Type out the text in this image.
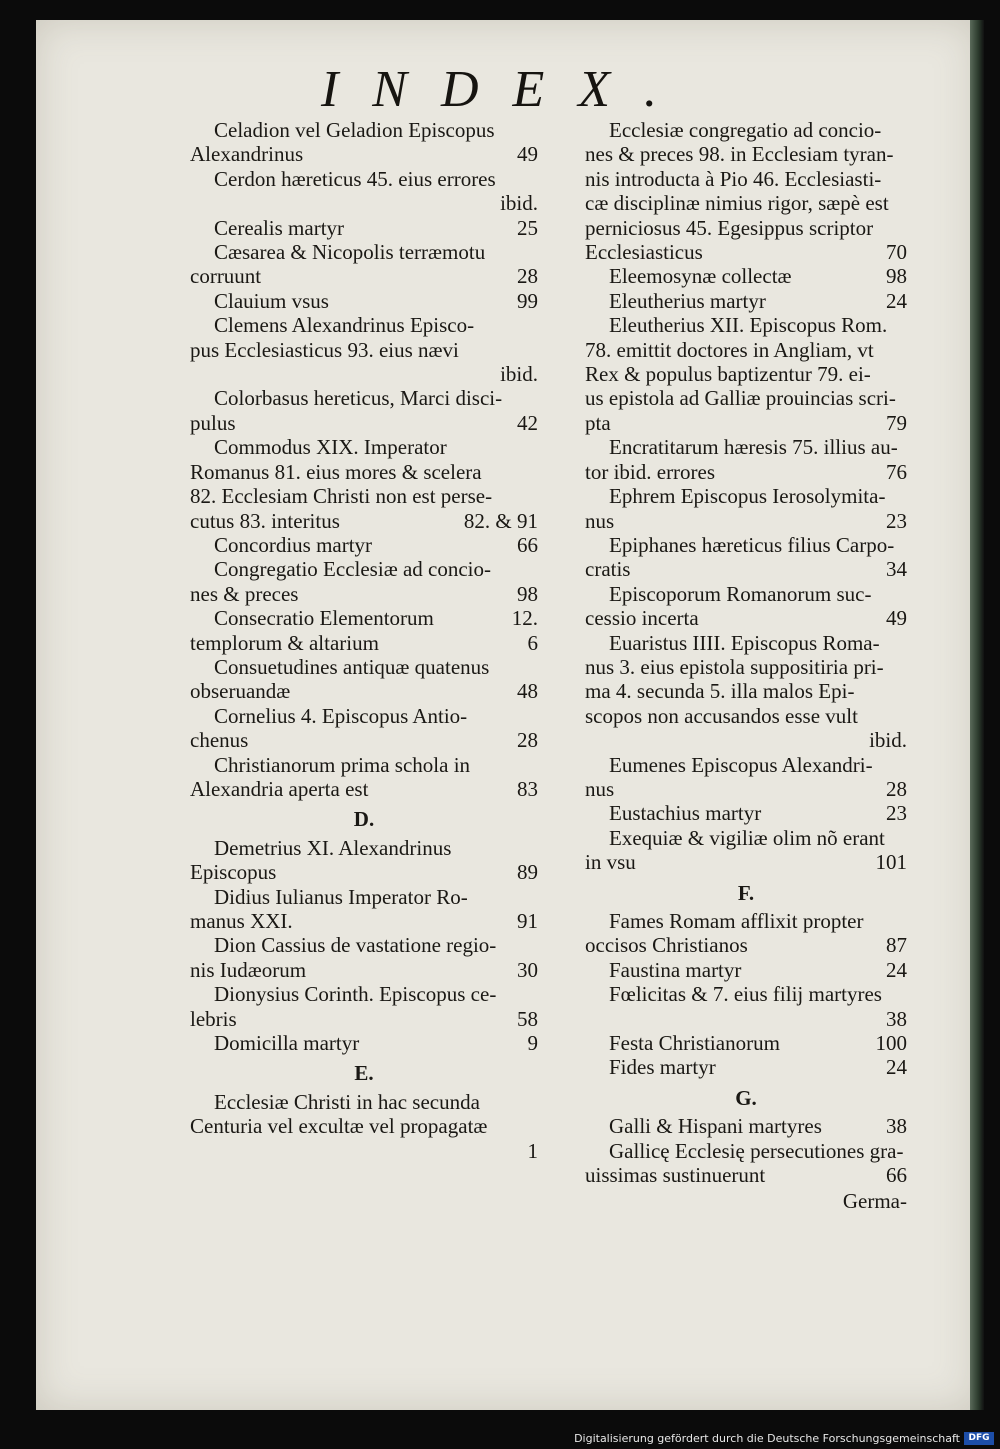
INDEX.
Celadion vel Geladion Episcopus
Alexandrinus	49
Cerdon hæreticus 45. eius errores
ibid.
Cerealis martyr	25
Cæsarea & Nicopolis terræmotu
corruunt	28
Clauium vsus	99
Clemens Alexandrinus Episco-
pus Ecclesiasticus 93. eius nævi
ibid.
Colorbasus hereticus, Marci disci-
pulus	42
Commodus XIX. Imperator
Romanus 81. eius mores & scelera
82. Ecclesiam Christi non est perse-
cutus 83. interitus	82. & 91
Concordius martyr	66
Congregatio Ecclesiæ ad concio-
nes & preces	98
Consecratio Elementorum	12.
templorum & altarium	6
Consuetudines antiquæ quatenus
obseruandæ	48
Cornelius 4. Episcopus Antio-
chenus	28
Christianorum prima schola in
Alexandria aperta est	83
D.
Demetrius XI. Alexandrinus
Episcopus	89
Didius Iulianus Imperator Ro-
manus XXI.	91
Dion Cassius de vastatione regio-
nis Iudæorum	30
Dionysius Corinth. Episcopus ce-
lebris	58
Domicilla martyr	9
E.
Ecclesiæ Christi in hac secunda
Centuria vel excultæ vel propagatæ
1
Ecclesiæ congregatio ad concio-
nes & preces 98. in Ecclesiam tyran-
nis introducta à Pio 46. Ecclesiasti-
cæ disciplinæ nimius rigor, sæpè est
perniciosus 45. Egesippus scriptor
Ecclesiasticus	70
Eleemosynæ collectæ	98
Eleutherius martyr	24
Eleutherius XII. Episcopus Rom.
78. emittit doctores in Angliam, vt
Rex & populus baptizentur 79. ei-
us epistola ad Galliæ prouincias scri-
pta	79
Encratitarum hæresis 75. illius au-
tor ibid. errores	76
Ephrem Episcopus Ierosolymita-
nus	23
Epiphanes hæreticus filius Carpo-
cratis	34
Episcoporum Romanorum suc-
cessio incerta	49
Euaristus IIII. Episcopus Roma-
nus 3. eius epistola suppositiria pri-
ma 4. secunda 5. illa malos Epi-
scopos non accusandos esse vult
ibid.
Eumenes Episcopus Alexandri-
nus	28
Eustachius martyr	23
Exequiæ & vigiliæ olim nõ erant
in vsu	101
F.
Fames Romam afflixit propter
occisos Christianos	87
Faustina martyr	24
Fœlicitas & 7. eius filij martyres
38
Festa Christianorum	100
Fides martyr	24
G.
Galli & Hispani martyres	38
Gallicę Ecclesię persecutiones gra-
uissimas sustinuerunt	66
Germa-
Digitalisierung gefördert durch die Deutsche Forschungsgemeinschaft DFG
